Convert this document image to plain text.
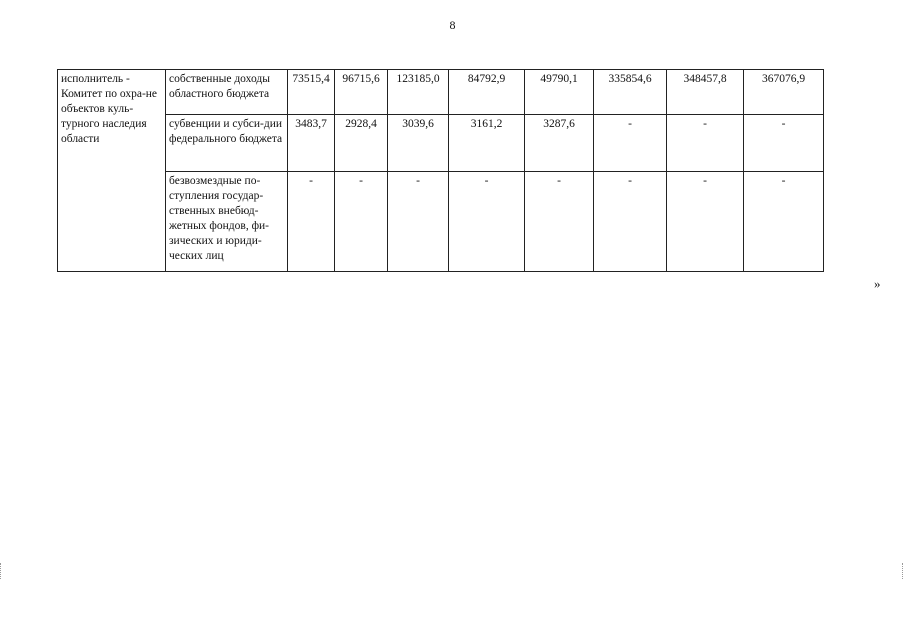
8
исполнитель - Комитет по охра-не объектов куль-турного наследия области	собственные доходы областного бюджета	73515,4	96715,6	123185,0	84792,9	49790,1	335854,6	348457,8	367076,9
	субвенции и субси-дии федерального бюджета	3483,7	2928,4	3039,6	3161,2	3287,6	-	-	-
	безвозмездные по-ступления государ-ственных внебюд-жетных фондов, фи-зических и юриди-ческих лиц	-	-	-	-	-	-	-	-
»
